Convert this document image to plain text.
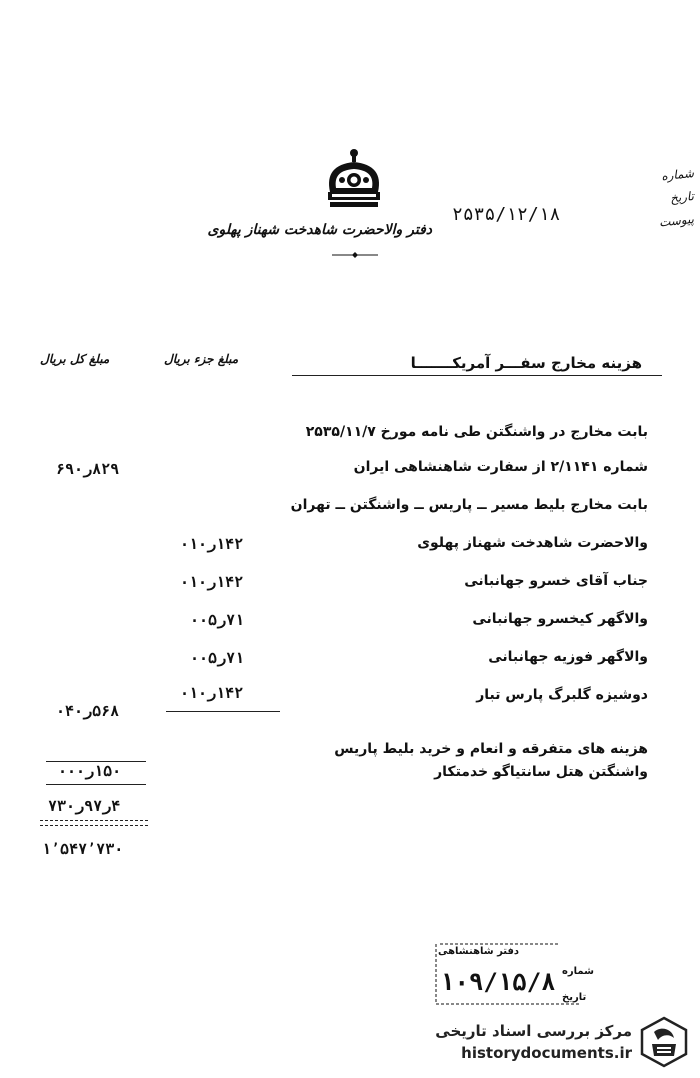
شماره
تاریخ
پیوست
دفتر والاحضرت شاهدخت شهناز پهلوی
۲۵۳۵/۱۲/۱۸
هزینه مخارج سفـــر آمریکـــــــا
مبلغ جزء بریال
مبلغ کل بریال
بابت مخارج در واشنگتن طی نامه مورخ ۲۵۳۵/۱۱/۷
شماره ۲/۱۱۴۱ از سفارت شاهنشاهی ایران
۸۲۹ر۶۹۰
بابت مخارج بلیط مسیر ــ پاریس ــ واشنگتن ــ تهران
والاحضرت شاهدخت شهناز پهلوی
۱۴۲ر۰۱۰
جناب آقای خسرو جهانبانی
۱۴۲ر۰۱۰
والاگهر کیخسرو جهانبانی
۷۱ر۰۰۵
والاگهر فوزیه جهانبانی
۷۱ر۰۰۵
دوشیزه گلبرگ پارس تبار
۱۴۲ر۰۱۰
۵۶۸ر۰۴۰
هزینه های متفرقه و انعام و خرید بلیط پاریس
واشنگتن هتل سانتیاگو خدمتکار
۱۵۰ر۰۰۰
۴ر۹۷ر۷۳۰
۱٬۵۴۷٬۷۳۰
دفتر شاهنشاهی
شماره
تاریخ
۱۰۹/۱۵/۸
مرکز بررسی اسناد تاریخی
historydocuments.ir
